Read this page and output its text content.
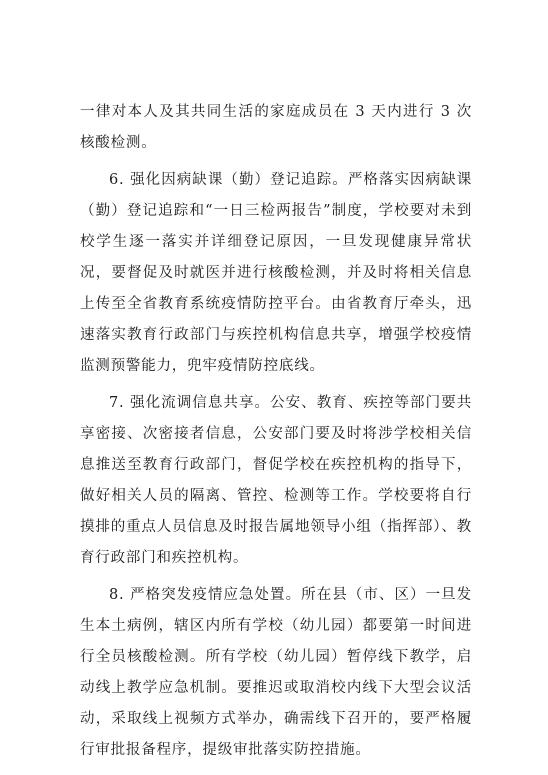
一律对本人及其共同生活的家庭成员在 3 天内进行 3 次核酸检测。

6. 强化因病缺课（勤）登记追踪。严格落实因病缺课（勤）登记追踪和“一日三检两报告”制度，学校要对未到校学生逐一落实并详细登记原因，一旦发现健康异常状况，要督促及时就医并进行核酸检测，并及时将相关信息上传至全省教育系统疫情防控平台。由省教育厅牵头，迅速落实教育行政部门与疾控机构信息共享，增强学校疫情监测预警能力，兜牢疫情防控底线。

7. 强化流调信息共享。公安、教育、疾控等部门要共享密接、次密接者信息，公安部门要及时将涉学校相关信息推送至教育行政部门，督促学校在疾控机构的指导下，做好相关人员的隔离、管控、检测等工作。学校要将自行摸排的重点人员信息及时报告属地领导小组（指挥部）、教育行政部门和疾控机构。

8. 严格突发疫情应急处置。所在县（市、区）一旦发生本土病例，辖区内所有学校（幼儿园）都要第一时间进行全员核酸检测。所有学校（幼儿园）暂停线下教学，启动线上教学应急机制。要推迟或取消校内线下大型会议活动，采取线上视频方式举办，确需线下召开的，要严格履行审批报备程序，提级审批落实防控措施。
